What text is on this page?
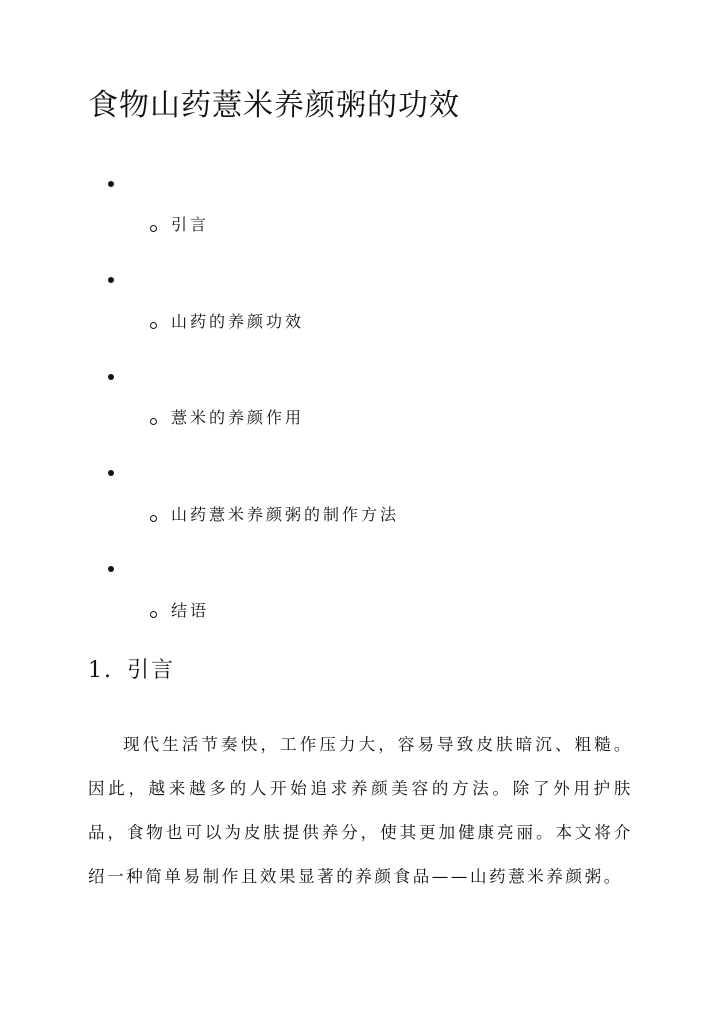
食物山药薏米养颜粥的功效
引言
山药的养颜功效
薏米的养颜作用
山药薏米养颜粥的制作方法
结语
1. 引言

现代生活节奏快，工作压力大，容易导致皮肤暗沉、粗糙。因此，越来越多的人开始追求养颜美容的方法。除了外用护肤品，食物也可以为皮肤提供养分，使其更加健康亮丽。本文将介绍一种简单易制作且效果显著的养颜食品——山药薏米养颜粥。
